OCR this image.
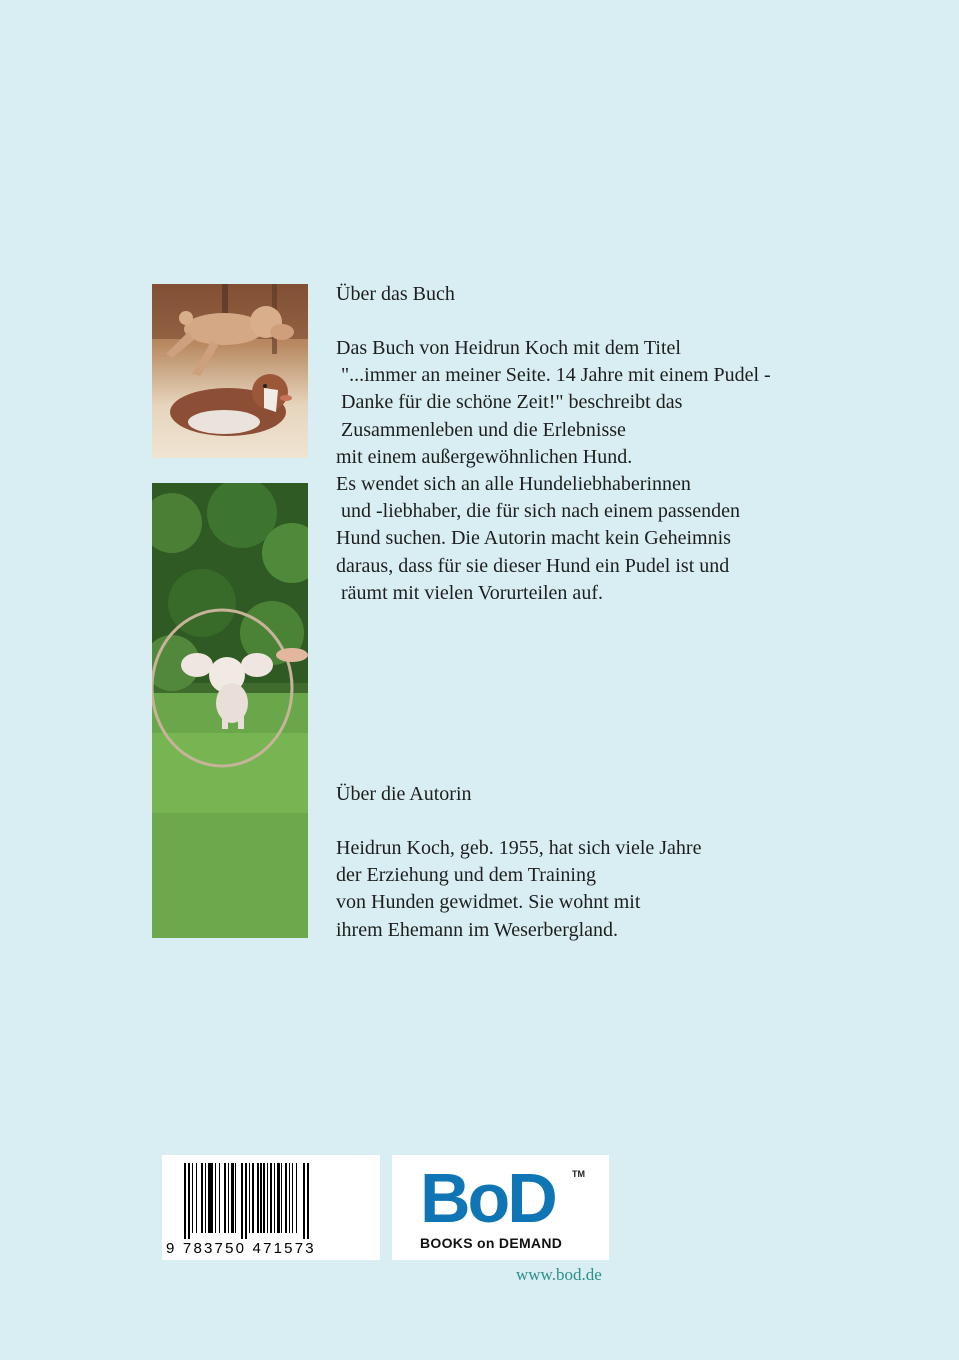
Über das Buch

Das Buch von Heidrun Koch mit dem Titel

"...immer an meiner Seite. 14 Jahre mit einem Pudel -

Danke für die schöne Zeit!" beschreibt das

Zusammenleben und die Erlebnisse

mit einem außergewöhnlichen Hund.

Es wendet sich an alle Hundeliebhaberinnen

und -liebhaber, die für sich nach einem passenden

Hund suchen. Die Autorin macht kein Geheimnis

daraus, dass für sie dieser Hund ein Pudel ist und

räumt mit vielen Vorurteilen auf.

Über die Autorin

Heidrun Koch, geb. 1955, hat sich viele Jahre

der Erziehung und dem Training

von Hunden gewidmet. Sie wohnt mit

ihrem Ehemann im Weserbergland.

9 783750 471573
BoD TM
BOOKS on DEMAND
www.bod.de
